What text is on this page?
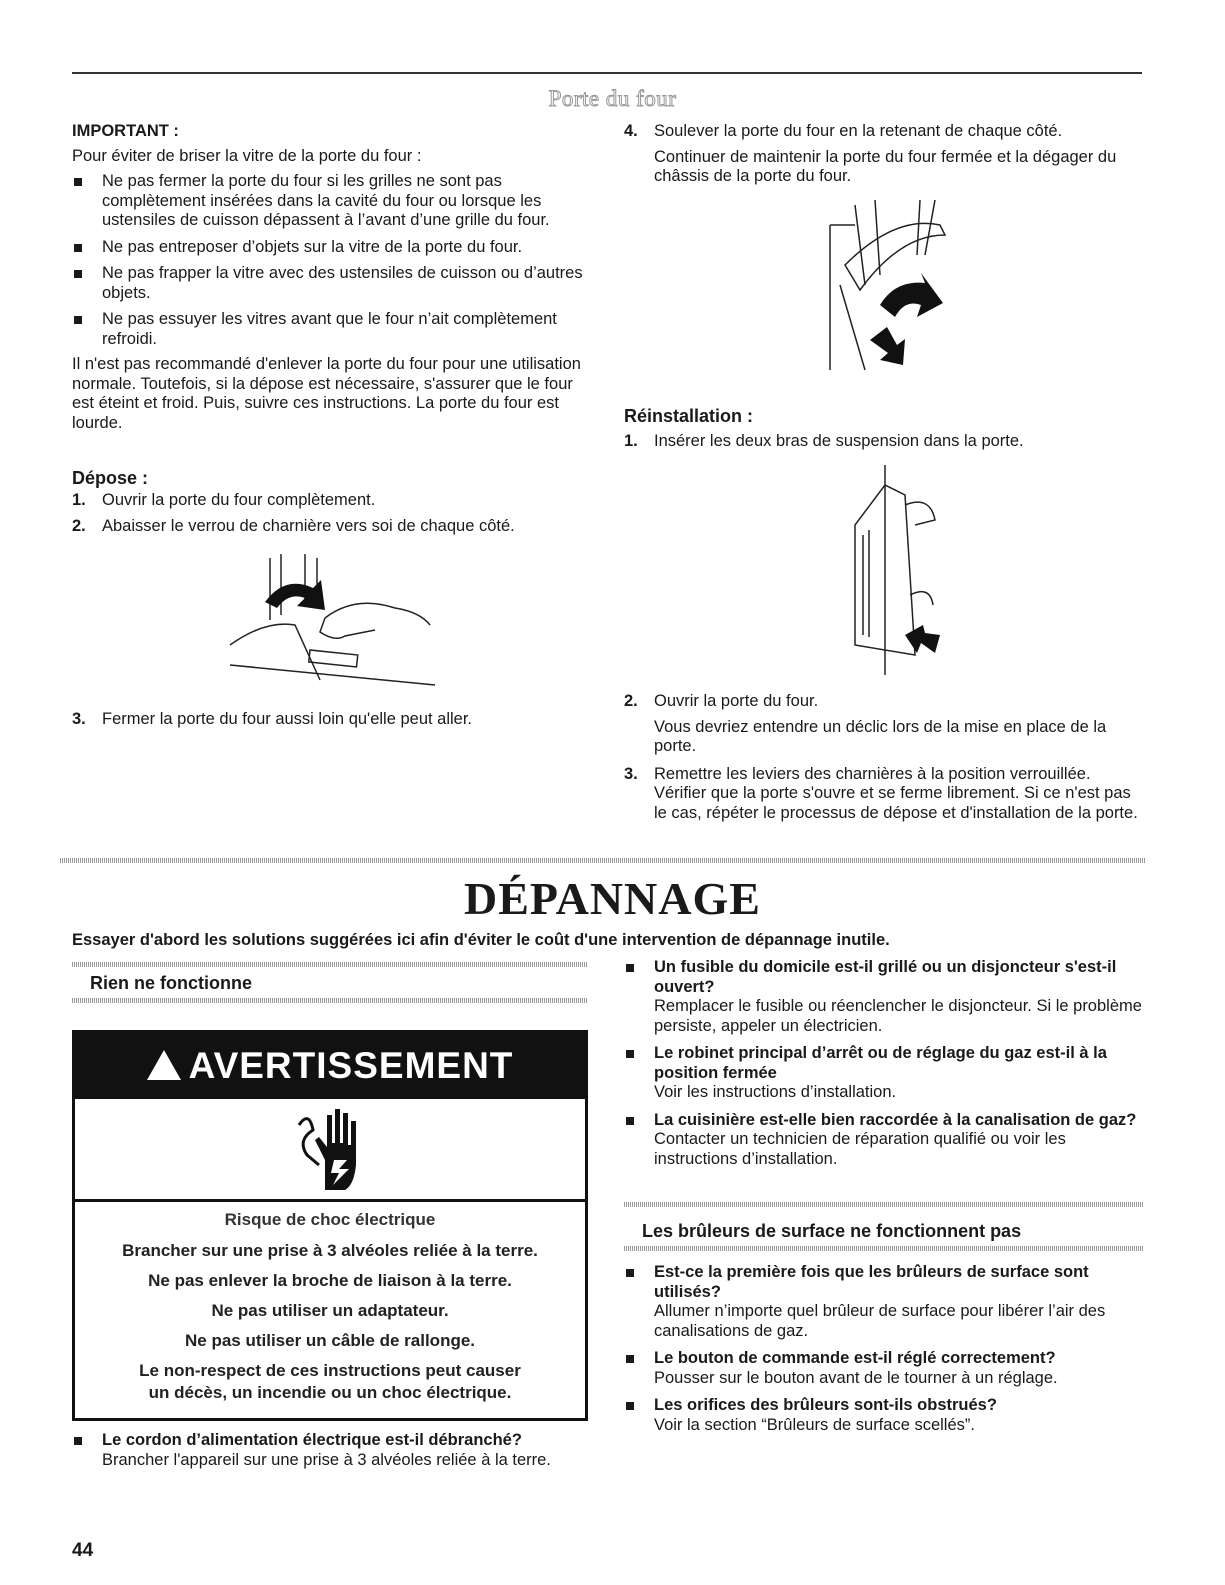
Porte du four
IMPORTANT :
Pour éviter de briser la vitre de la porte du four :
Ne pas fermer la porte du four si les grilles ne sont pas complètement insérées dans la cavité du four ou lorsque les ustensiles de cuisson dépassent à l’avant d’une grille du four.
Ne pas entreposer d’objets sur la vitre de la porte du four.
Ne pas frapper la vitre avec des ustensiles de cuisson ou d’autres objets.
Ne pas essuyer les vitres avant que le four n’ait complètement refroidi.
Il n'est pas recommandé d'enlever la porte du four pour une utilisation normale. Toutefois, si la dépose est nécessaire, s'assurer que le four est éteint et froid. Puis, suivre ces instructions. La porte du four est lourde.
Dépose :
1. Ouvrir la porte du four complètement.
2. Abaisser le verrou de charnière vers soi de chaque côté.
3. Fermer la porte du four aussi loin qu'elle peut aller.
4. Soulever la porte du four en la retenant de chaque côté.
Continuer de maintenir la porte du four fermée et la dégager du châssis de la porte du four.
Réinstallation :
1. Insérer les deux bras de suspension dans la porte.
2. Ouvrir la porte du four.
Vous devriez entendre un déclic lors de la mise en place de la porte.
3. Remettre les leviers des charnières à la position verrouillée. Vérifier que la porte s'ouvre et se ferme librement. Si ce n'est pas le cas, répéter le processus de dépose et d'installation de la porte.
DÉPANNAGE
Essayer d'abord les solutions suggérées ici afin d'éviter le coût d'une intervention de dépannage inutile.
Rien ne fonctionne
AVERTISSEMENT
Risque de choc électrique
Brancher sur une prise à 3 alvéoles reliée à la terre.
Ne pas enlever la broche de liaison à la terre.
Ne pas utiliser un adaptateur.
Ne pas utiliser un câble de rallonge.
Le non-respect de ces instructions peut causer
un décès, un incendie ou un choc électrique.
Le cordon d’alimentation électrique est-il débranché?
Brancher l'appareil sur une prise à 3 alvéoles reliée à la terre.
Un fusible du domicile est-il grillé ou un disjoncteur s'est-il ouvert?
Remplacer le fusible ou réenclencher le disjoncteur. Si le problème persiste, appeler un électricien.
Le robinet principal d’arrêt ou de réglage du gaz est-il à la position fermée
Voir les instructions d’installation.
La cuisinière est-elle bien raccordée à la canalisation de gaz?
Contacter un technicien de réparation qualifié ou voir les instructions d’installation.
Les brûleurs de surface ne fonctionnent pas
Est-ce la première fois que les brûleurs de surface sont utilisés?
Allumer n’importe quel brûleur de surface pour libérer l’air des canalisations de gaz.
Le bouton de commande est-il réglé correctement?
Pousser sur le bouton avant de le tourner à un réglage.
Les orifices des brûleurs sont-ils obstrués?
Voir la section “Brûleurs de surface scellés”.
44
